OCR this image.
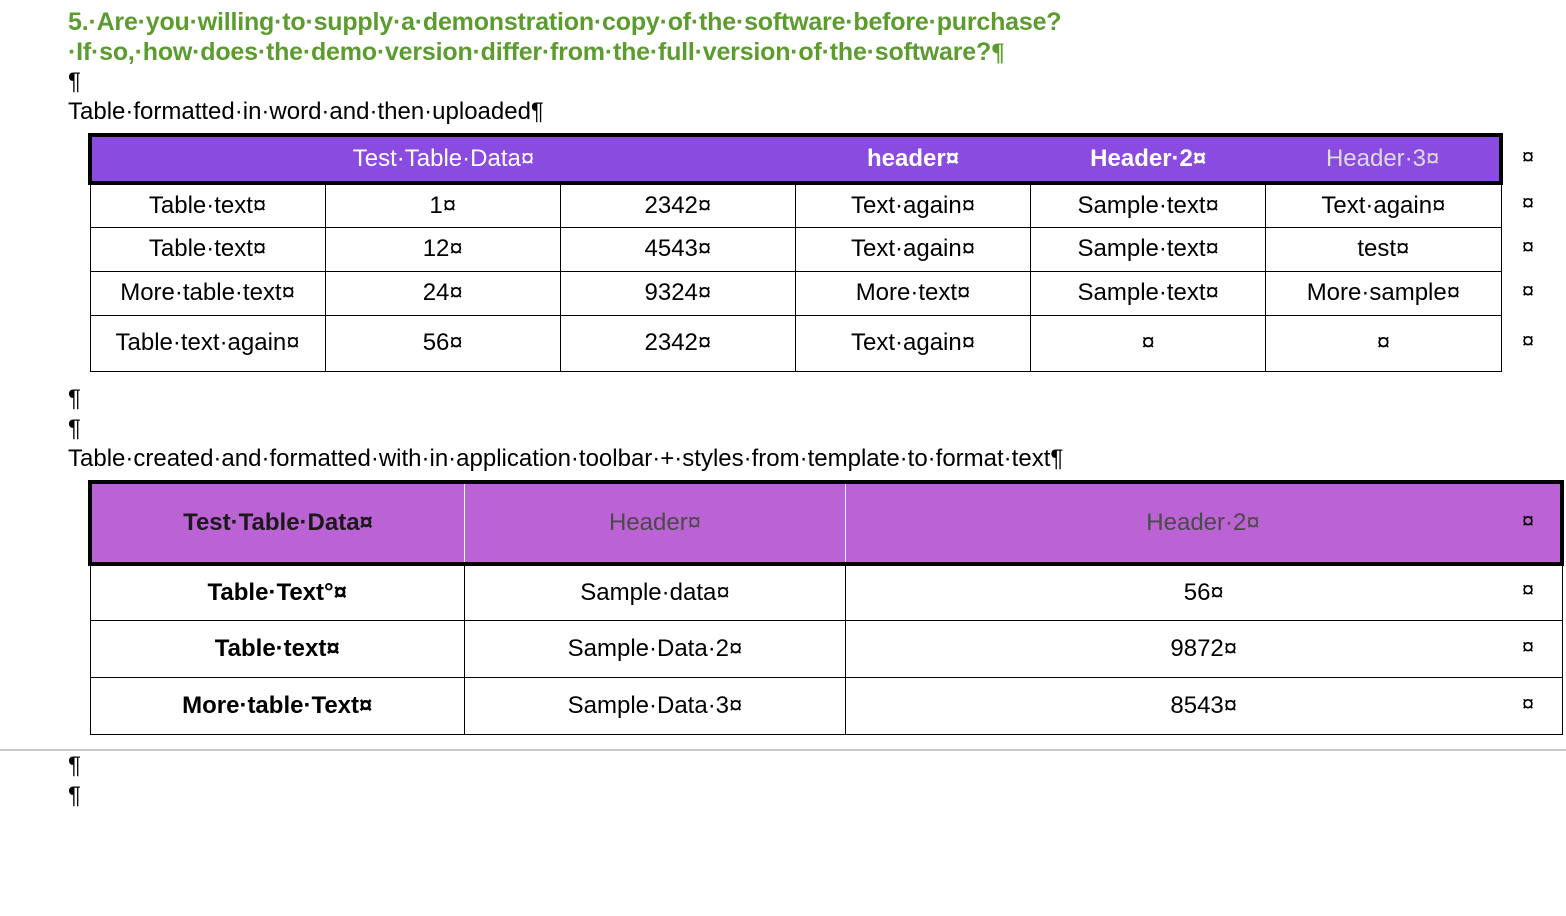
5.·Are·you·willing·to·supply·a·demonstration·copy·of·the·software·before·purchase?·If·so,·how·does·the·demo·version·differ·from·the·full·version·of·the·software?¶

¶

Table·formatted·in·word·and·then·uploaded¶

Test·Table·Data¤			header¤	Header·2¤	Header·3¤
Table·text¤	1¤	2342¤	Text·again¤	Sample·text¤	Text·again¤
Table·text¤	12¤	4543¤	Text·again¤	Sample·text¤	test¤
More·table·text¤	24¤	9324¤	More·text¤	Sample·text¤	More·sample¤
Table·text·again¤	56¤	2342¤	Text·again¤	¤	¤
¤
¤
¤
¤
¤

¶

¶

Table·created·and·formatted·with·in·application·toolbar·+·styles·from·template·to·format·text¶

Test·Table·Data¤	Header¤	Header·2¤
Table·Text°¤	Sample·data¤	56¤
Table·text¤	Sample·Data·2¤	9872¤
More·table·Text¤	Sample·Data·3¤	8543¤
¤
¤
¤
¤

¶

¶
